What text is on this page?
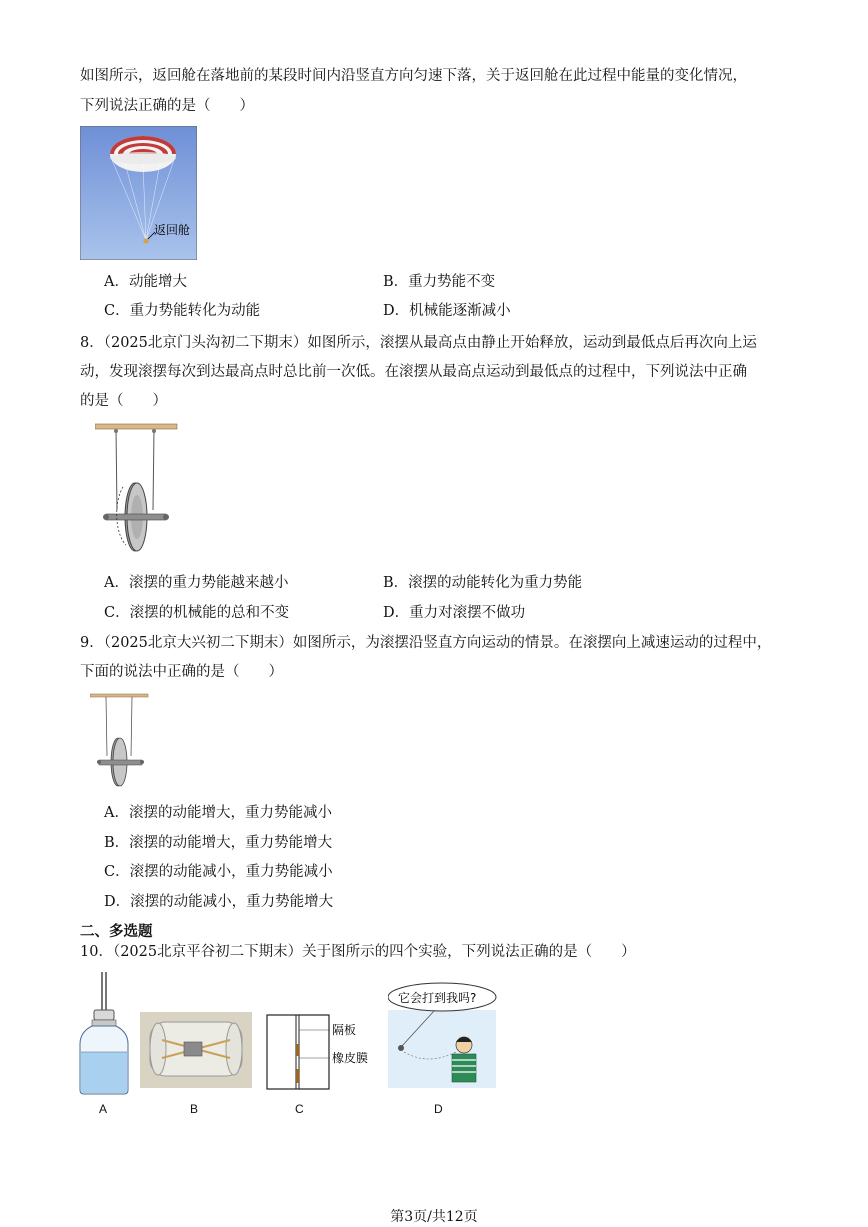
如图所示，返回舱在落地前的某段时间内沿竖直方向匀速下落，关于返回舱在此过程中能量的变化情况，
下列说法正确的是（　　）
返回舱
A．动能增大	B．重力势能不变
C．重力势能转化为动能	D．机械能逐渐减小
8．（2025北京门头沟初二下期末）如图所示，滚摆从最高点由静止开始释放，运动到最低点后再次向上运
动，发现滚摆每次到达最高点时总比前一次低。在滚摆从最高点运动到最低点的过程中，下列说法中正确
的是（　　）
A．滚摆的重力势能越来越小	B．滚摆的动能转化为重力势能
C．滚摆的机械能的总和不变	D．重力对滚摆不做功
9．（2025北京大兴初二下期末）如图所示，为滚摆沿竖直方向运动的情景。在滚摆向上减速运动的过程中，
下面的说法中正确的是（　　）
A．滚摆的动能增大，重力势能减小
B．滚摆的动能增大，重力势能增大
C．滚摆的动能减小，重力势能减小
D．滚摆的动能减小，重力势能增大
二、多选题
10．（2025北京平谷初二下期末）关于图所示的四个实验，下列说法正确的是（　　）
A	B
隔板
橡皮膜
C
它会打到我吗?
D
第3页/共12页
